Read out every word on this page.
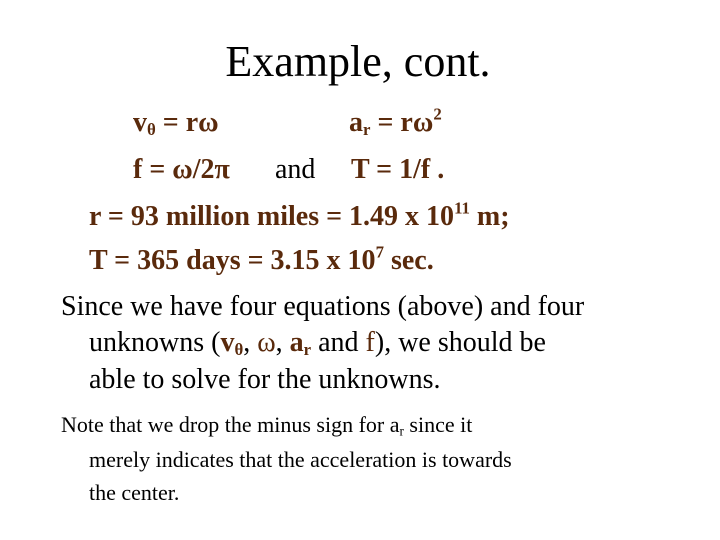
Example, cont.
$v_\theta = r\omega$	$a_r = r\omega^2$
f = ω/2π and T = 1/f .
r = 93 million miles = 1.49 x $10^{11}$ m;
T = 365 days = 3.15 x $10^7$ sec.
Since we have four equations (above) and four
unknowns ($v_\theta$, ω, $a_r$ and f), we should be
able to solve for the unknowns.
Note that we drop the minus sign for $a_r$ since it
merely indicates that the acceleration is towards
the center.
